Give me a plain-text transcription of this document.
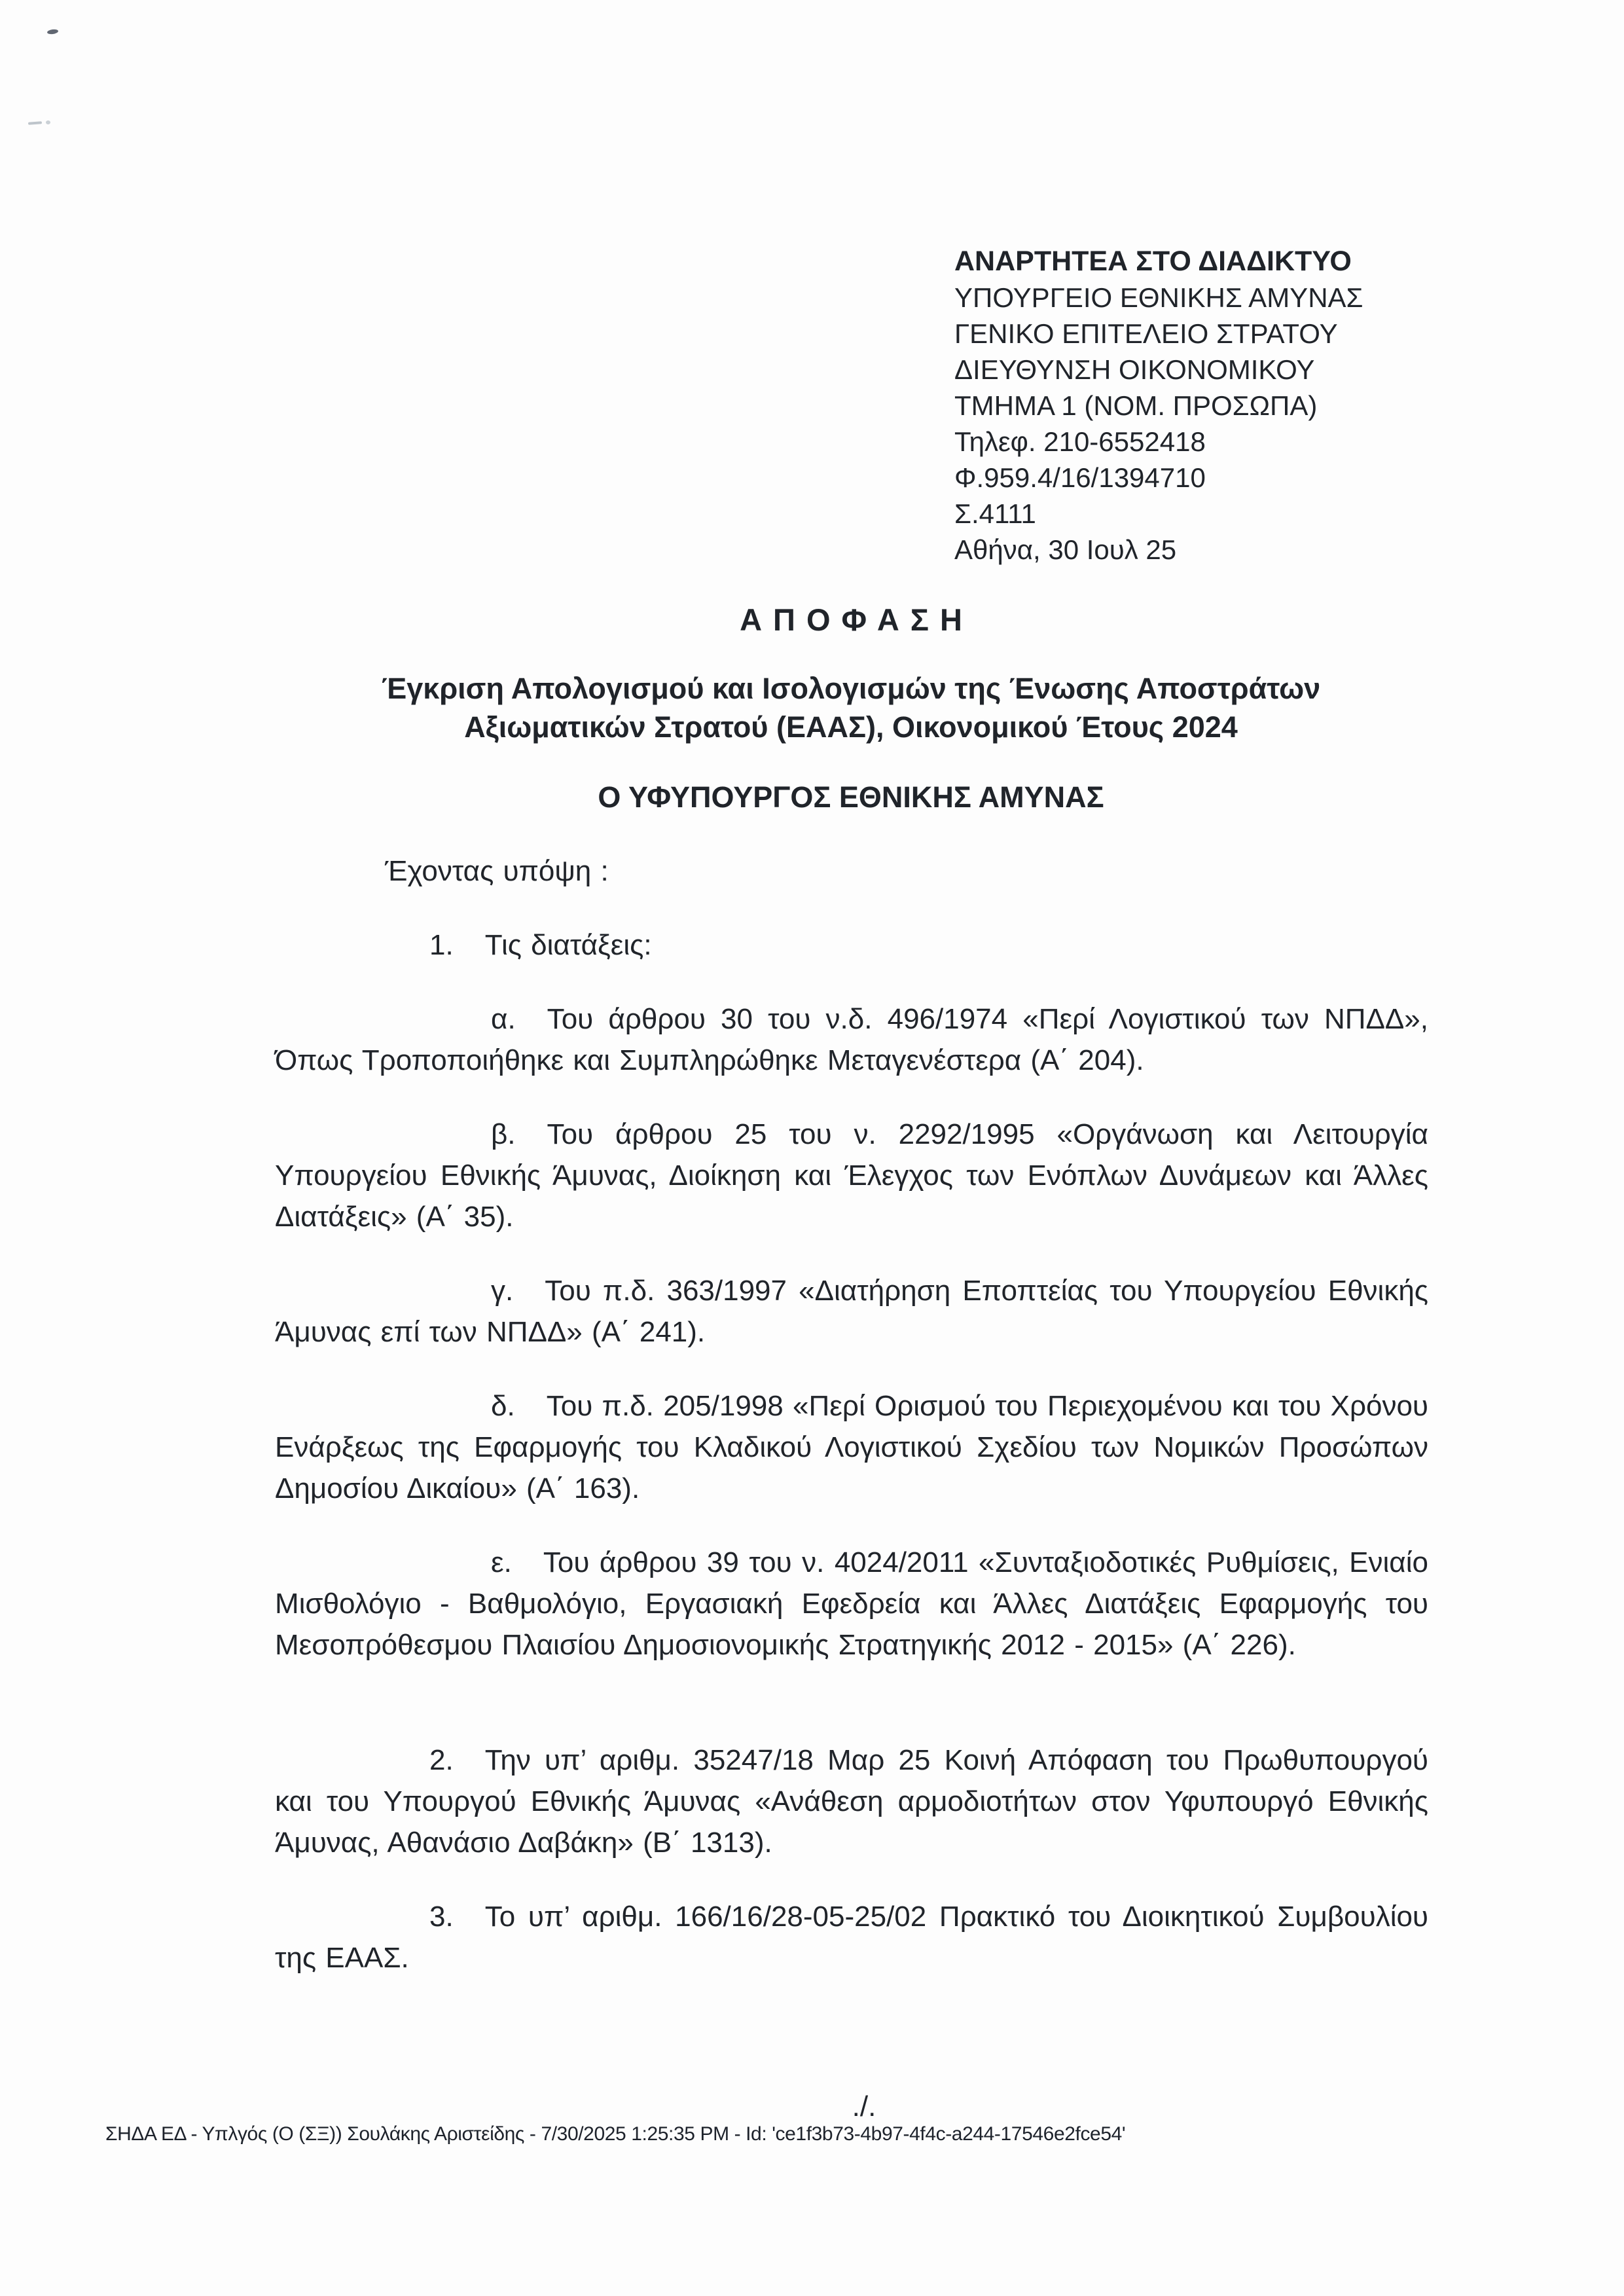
ΑΝΑΡΤΗΤΕΑ ΣΤΟ ΔΙΑΔΙΚΤΥΟ
ΥΠΟΥΡΓΕΙΟ ΕΘΝΙΚΗΣ ΑΜΥΝΑΣ
ΓΕΝΙΚΟ ΕΠΙΤΕΛΕΙΟ ΣΤΡΑΤΟΥ
ΔΙΕΥΘΥΝΣΗ ΟΙΚΟΝΟΜΙΚΟΥ
ΤΜΗΜΑ 1 (ΝΟΜ. ΠΡΟΣΩΠΑ)
Τηλεφ. 210-6552418
Φ.959.4/16/1394710
Σ.4111
Αθήνα, 30 Ιουλ 25
ΑΠΟΦΑΣΗ
Έγκριση Απολογισμού και Ισολογισμών της Ένωσης Αποστράτων
Αξιωματικών Στρατού (ΕΑΑΣ), Οικονομικού Έτους 2024
Ο ΥΦΥΠΟΥΡΓΟΣ ΕΘΝΙΚΗΣ ΑΜΥΝΑΣ

Έχοντας υπόψη :

1. Τις διατάξεις:

α. Του άρθρου 30 του ν.δ. 496/1974 «Περί Λογιστικού των ΝΠΔΔ», Όπως Τροποποιήθηκε και Συμπληρώθηκε Μεταγενέστερα (Α΄ 204).

β. Του άρθρου 25 του ν. 2292/1995 «Οργάνωση και Λειτουργία Υπουργείου Εθνικής Άμυνας, Διοίκηση και Έλεγχος των Ενόπλων Δυνάμεων και Άλλες Διατάξεις» (Α΄ 35).

γ. Του π.δ. 363/1997 «Διατήρηση Εποπτείας του Υπουργείου Εθνικής Άμυνας επί των ΝΠΔΔ» (Α΄ 241).

δ. Του π.δ. 205/1998 «Περί Ορισμού του Περιεχομένου και του Χρόνου Ενάρξεως της Εφαρμογής του Κλαδικού Λογιστικού Σχεδίου των Νομικών Προσώπων Δημοσίου Δικαίου» (Α΄ 163).

ε. Του άρθρου 39 του ν. 4024/2011 «Συνταξιοδοτικές Ρυθμίσεις, Ενιαίο Μισθολόγιο - Βαθμολόγιο, Εργασιακή Εφεδρεία και Άλλες Διατάξεις Εφαρμογής του Μεσοπρόθεσμου Πλαισίου Δημοσιονομικής Στρατηγικής 2012 - 2015» (Α΄ 226).

2. Την υπ’ αριθμ. 35247/18 Μαρ 25 Κοινή Απόφαση του Πρωθυπουργού και του Υπουργού Εθνικής Άμυνας «Ανάθεση αρμοδιοτήτων στον Υφυπουργό Εθνικής Άμυνας, Αθανάσιο Δαβάκη» (Β΄ 1313).

3. Το υπ’ αριθμ. 166/16/28-05-25/02 Πρακτικό του Διοικητικού Συμβουλίου της ΕΑΑΣ.

./.
ΣΗΔΑ ΕΔ - Υπλγός (Ο (ΣΞ)) Σουλάκης Αριστείδης - 7/30/2025 1:25:35 PM - Id: 'ce1f3b73-4b97-4f4c-a244-17546e2fce54'
